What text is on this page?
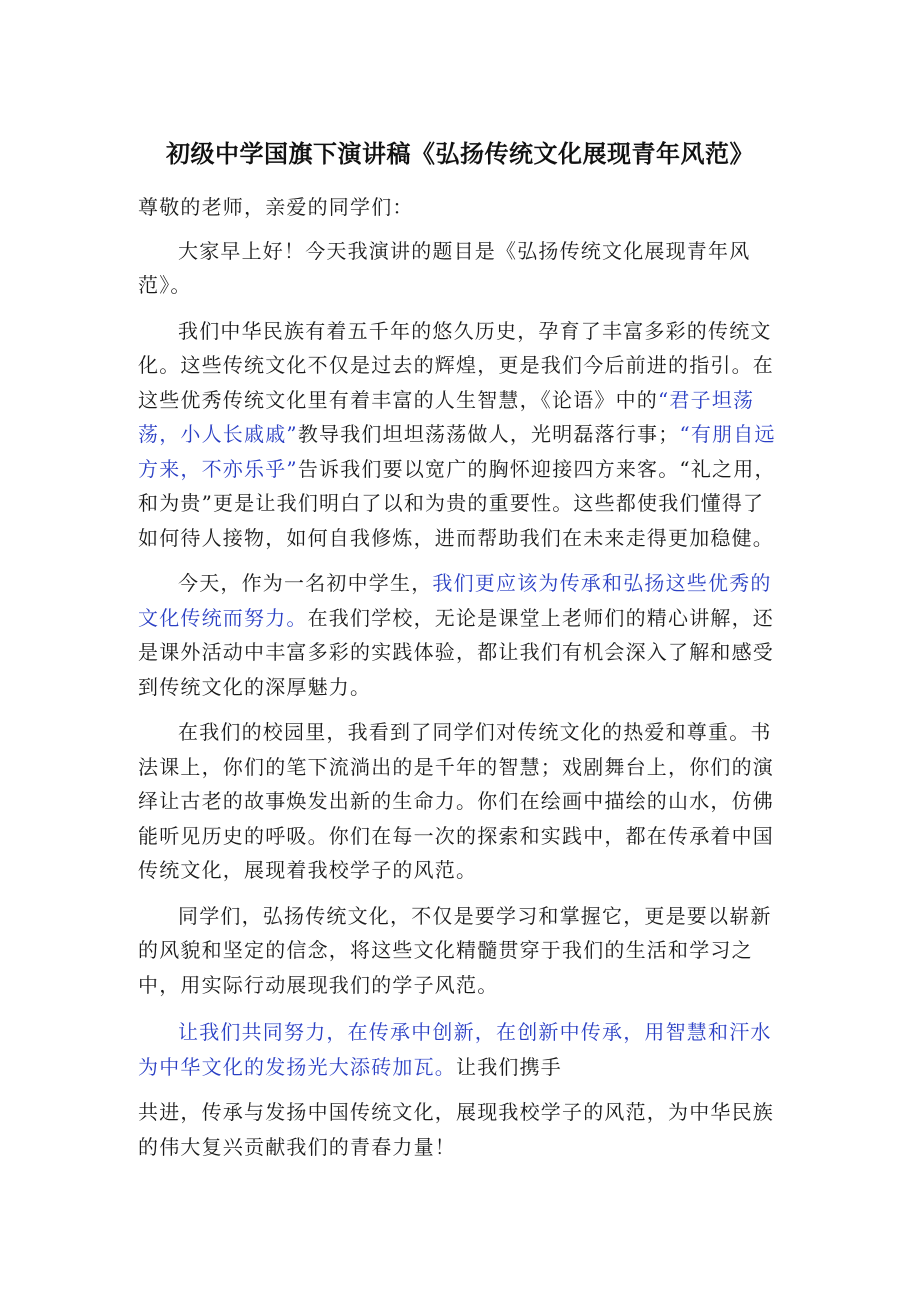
初级中学国旗下演讲稿《弘扬传统文化展现青年风范》

尊敬的老师，亲爱的同学们：

大家早上好！今天我演讲的题目是《弘扬传统文化展现青年风范》。

我们中华民族有着五千年的悠久历史，孕育了丰富多彩的传统文化。这些传统文化不仅是过去的辉煌，更是我们今后前进的指引。在这些优秀传统文化里有着丰富的人生智慧，《论语》中的“君子坦荡荡，小人长戚戚”教导我们坦坦荡荡做人，光明磊落行事；“有朋自远方来，不亦乐乎”告诉我们要以宽广的胸怀迎接四方来客。“礼之用，和为贵”更是让我们明白了以和为贵的重要性。这些都使我们懂得了如何待人接物，如何自我修炼，进而帮助我们在未来走得更加稳健。

今天，作为一名初中学生，我们更应该为传承和弘扬这些优秀的文化传统而努力。在我们学校，无论是课堂上老师们的精心讲解，还是课外活动中丰富多彩的实践体验，都让我们有机会深入了解和感受到传统文化的深厚魅力。

在我们的校园里，我看到了同学们对传统文化的热爱和尊重。书法课上，你们的笔下流淌出的是千年的智慧；戏剧舞台上，你们的演绎让古老的故事焕发出新的生命力。你们在绘画中描绘的山水，仿佛能听见历史的呼吸。你们在每一次的探索和实践中，都在传承着中国传统文化，展现着我校学子的风范。

同学们，弘扬传统文化，不仅是要学习和掌握它，更是要以崭新的风貌和坚定的信念，将这些文化精髓贯穿于我们的生活和学习之中，用实际行动展现我们的学子风范。

让我们共同努力，在传承中创新，在创新中传承，用智慧和汗水为中华文化的发扬光大添砖加瓦。让我们携手

共进，传承与发扬中国传统文化，展现我校学子的风范，为中华民族的伟大复兴贡献我们的青春力量！
